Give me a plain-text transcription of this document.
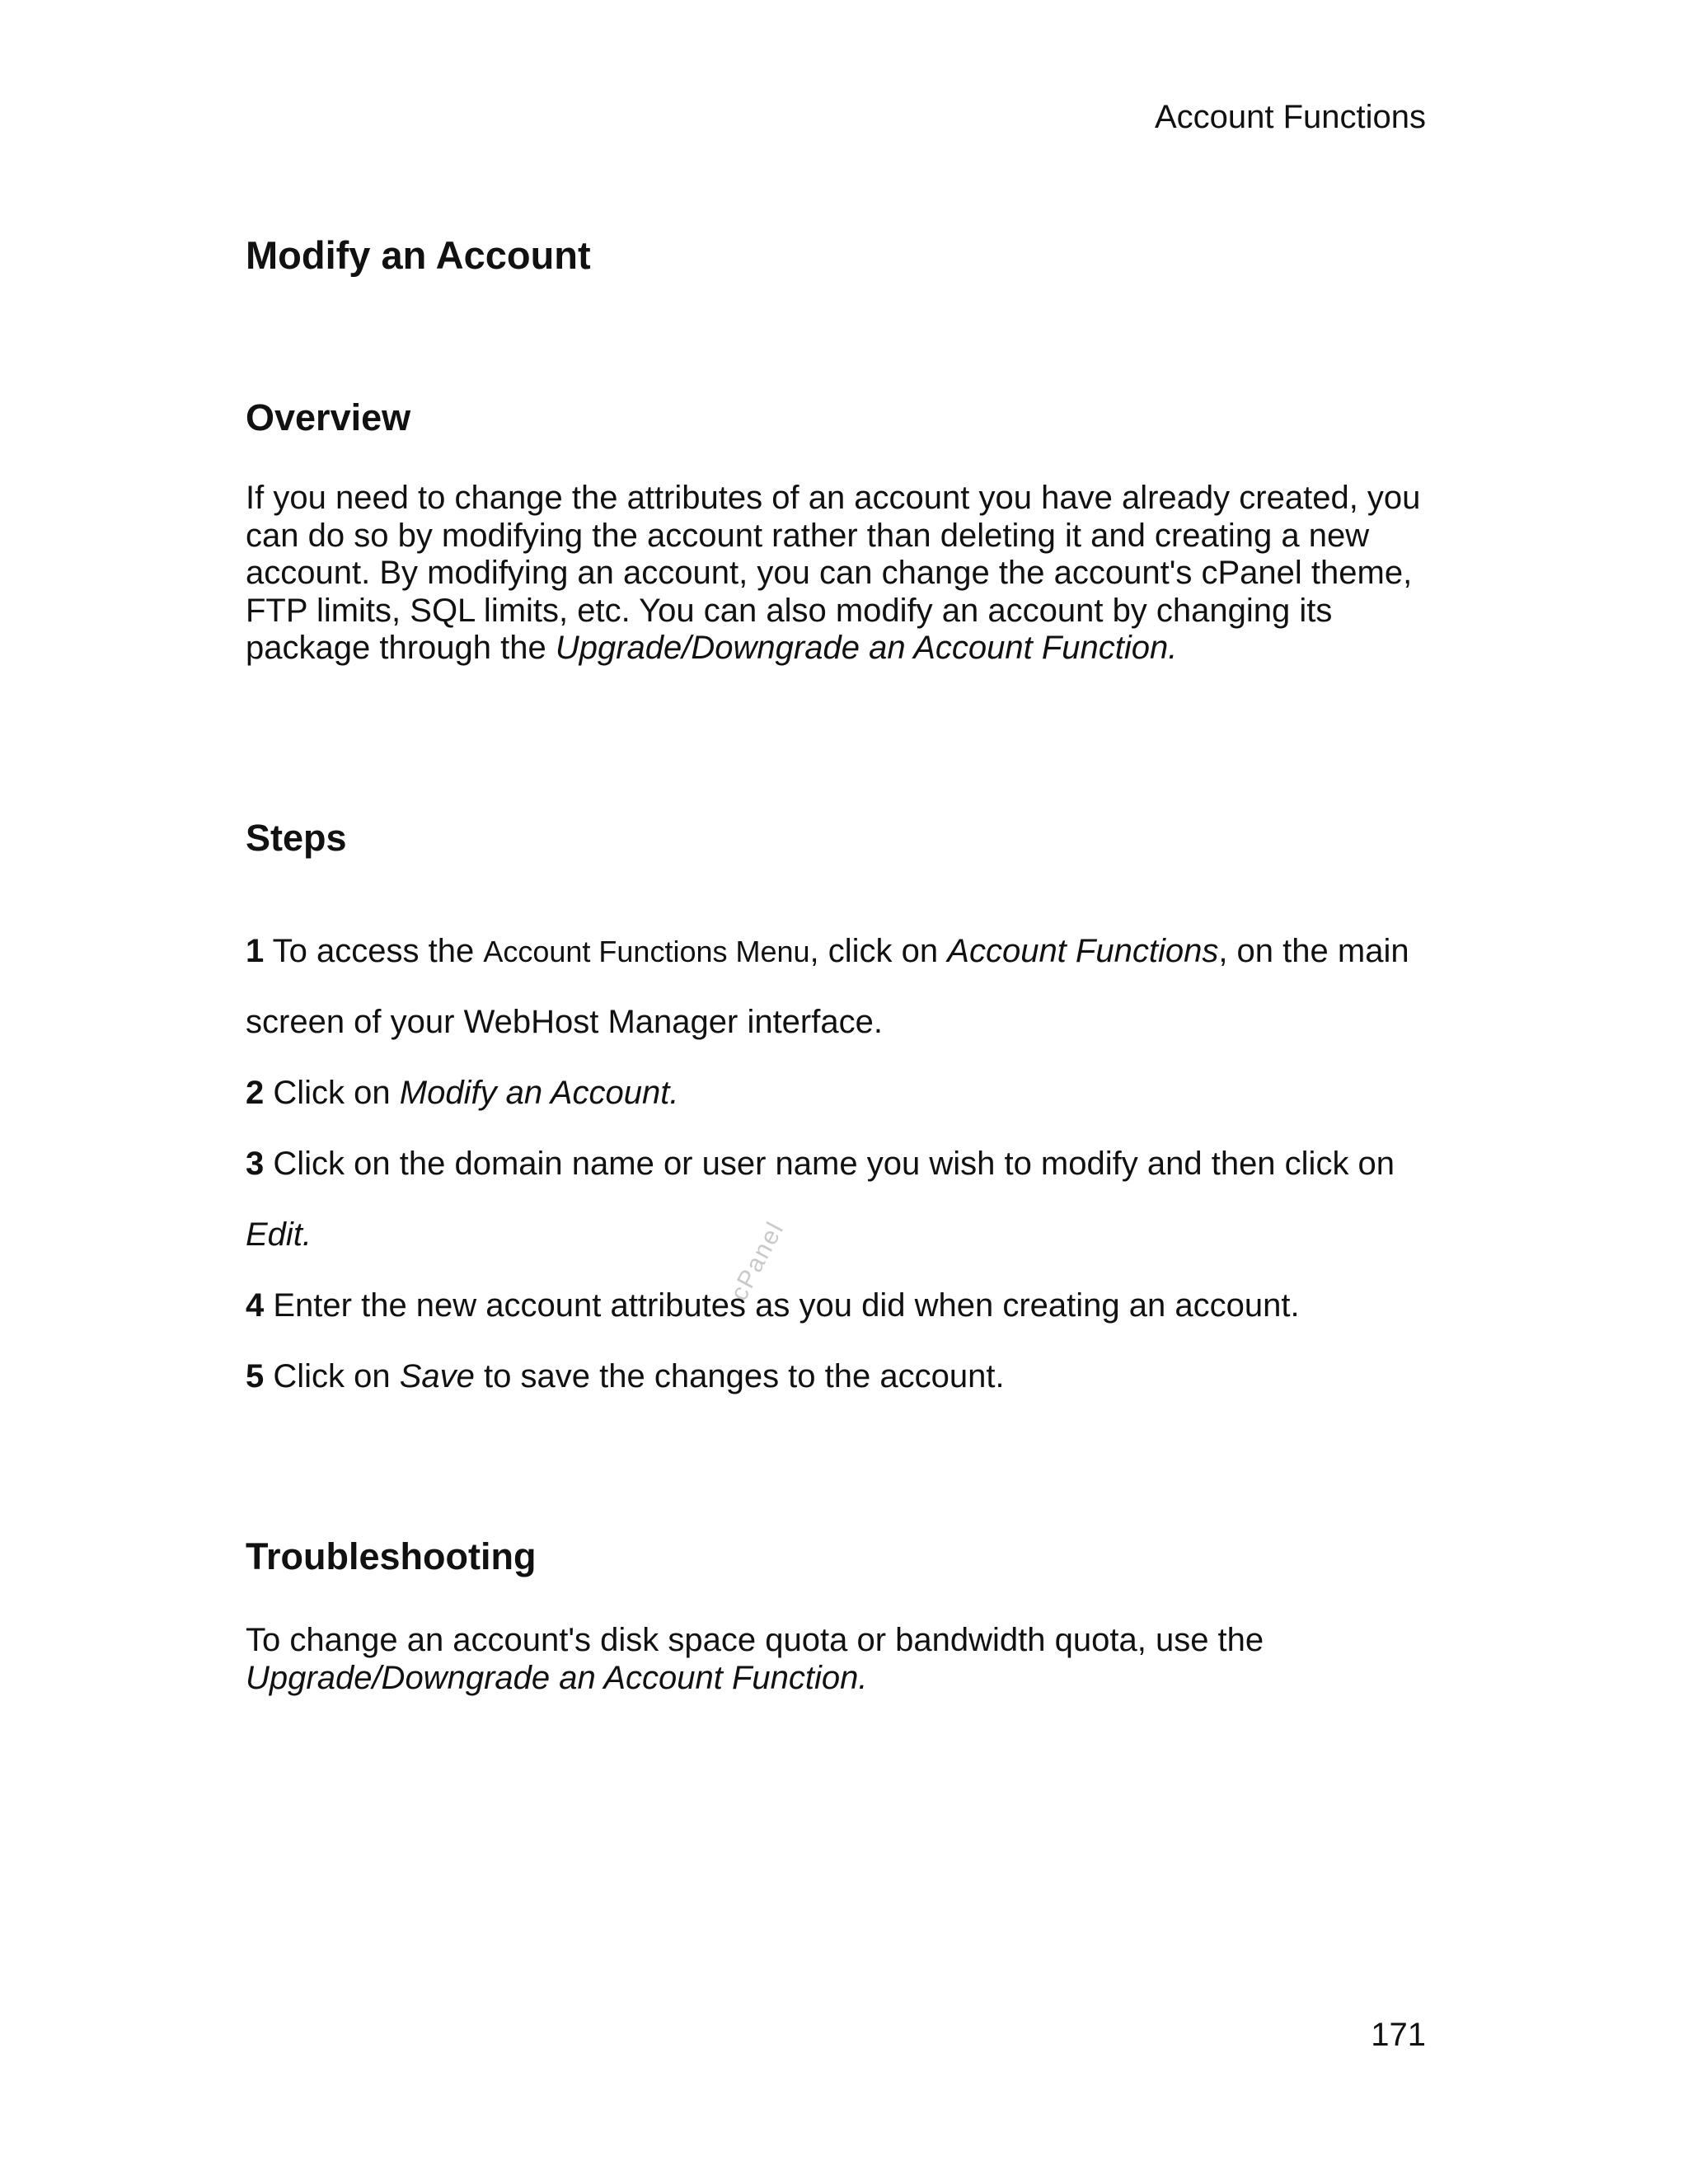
Account Functions
Modify an Account
Overview
If you need to change the attributes of an account you have already created, you can do so by modifying the account rather than deleting it and creating a new account. By modifying an account, you can change the account's cPanel theme, FTP limits, SQL limits, etc. You can also modify an account by changing its package through the Upgrade/Downgrade an Account Function.
Steps
1 To access the Account Functions Menu, click on Account Functions, on the main
screen of your WebHost Manager interface.
2 Click on Modify an Account.
3 Click on the domain name or user name you wish to modify and then click on
Edit.
4 Enter the new account attributes as you did when creating an account.
5 Click on Save to save the changes to the account.
Troubleshooting
To change an account's disk space quota or bandwidth quota, use the
Upgrade/Downgrade an Account Function.
cPanel
171
